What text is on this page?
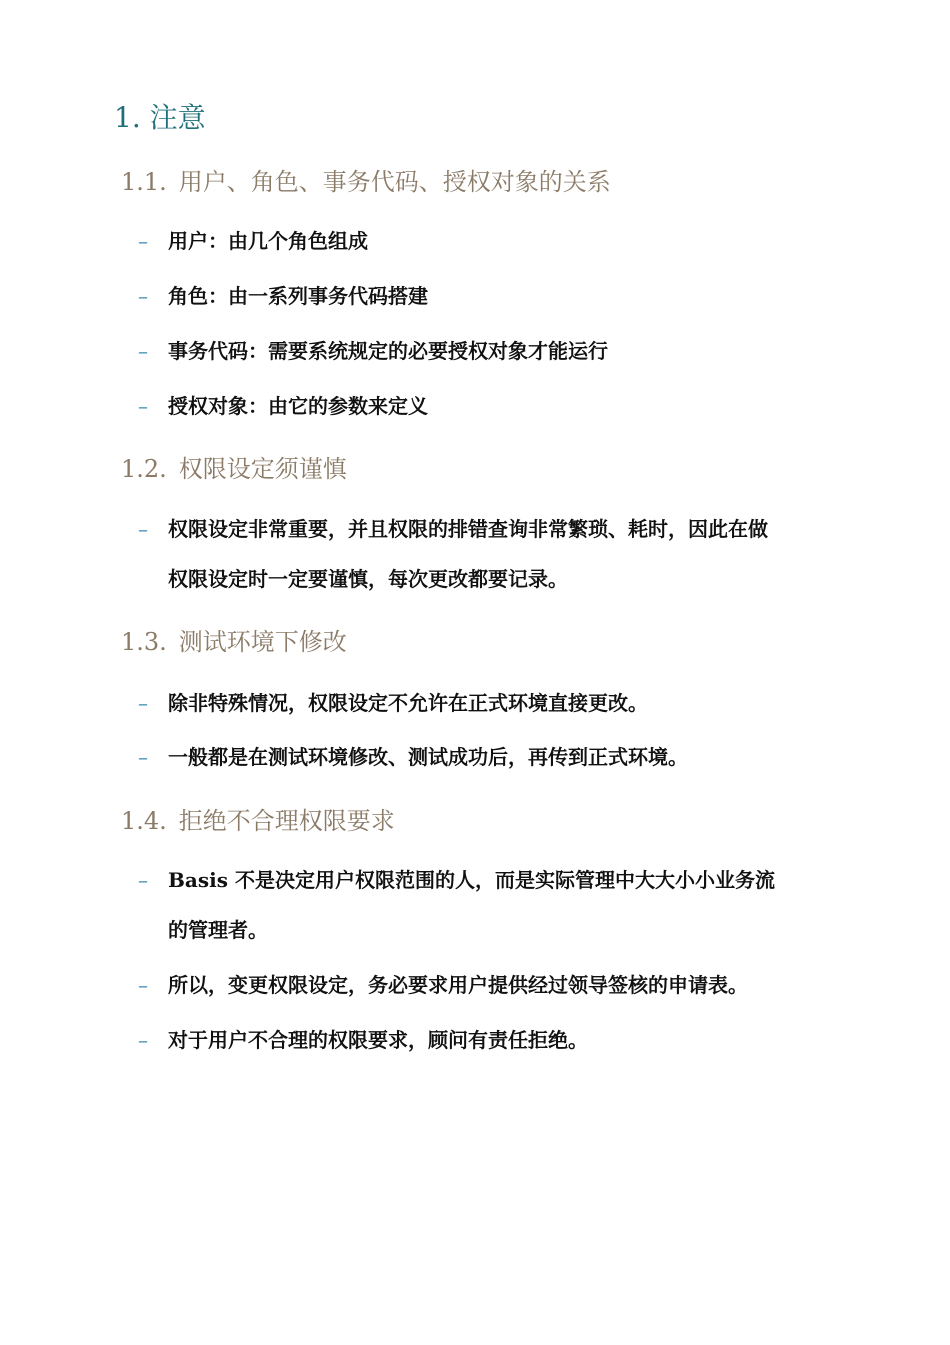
1. 注意
1.1. 用户、角色、事务代码、授权对象的关系
– 用户：由几个角色组成
– 角色：由一系列事务代码搭建
– 事务代码：需要系统规定的必要授权对象才能运行
– 授权对象：由它的参数来定义
1.2. 权限设定须谨慎
– 权限设定非常重要，并且权限的排错查询非常繁琐、耗时，因此在做
权限设定时一定要谨慎，每次更改都要记录。
1.3. 测试环境下修改
– 除非特殊情况，权限设定不允许在正式环境直接更改。
– 一般都是在测试环境修改、测试成功后，再传到正式环境。
1.4. 拒绝不合理权限要求
– Basis 不是决定用户权限范围的人，而是实际管理中大大小小业务流
的管理者。
– 所以，变更权限设定，务必要求用户提供经过领导签核的申请表。
– 对于用户不合理的权限要求，顾问有责任拒绝。
